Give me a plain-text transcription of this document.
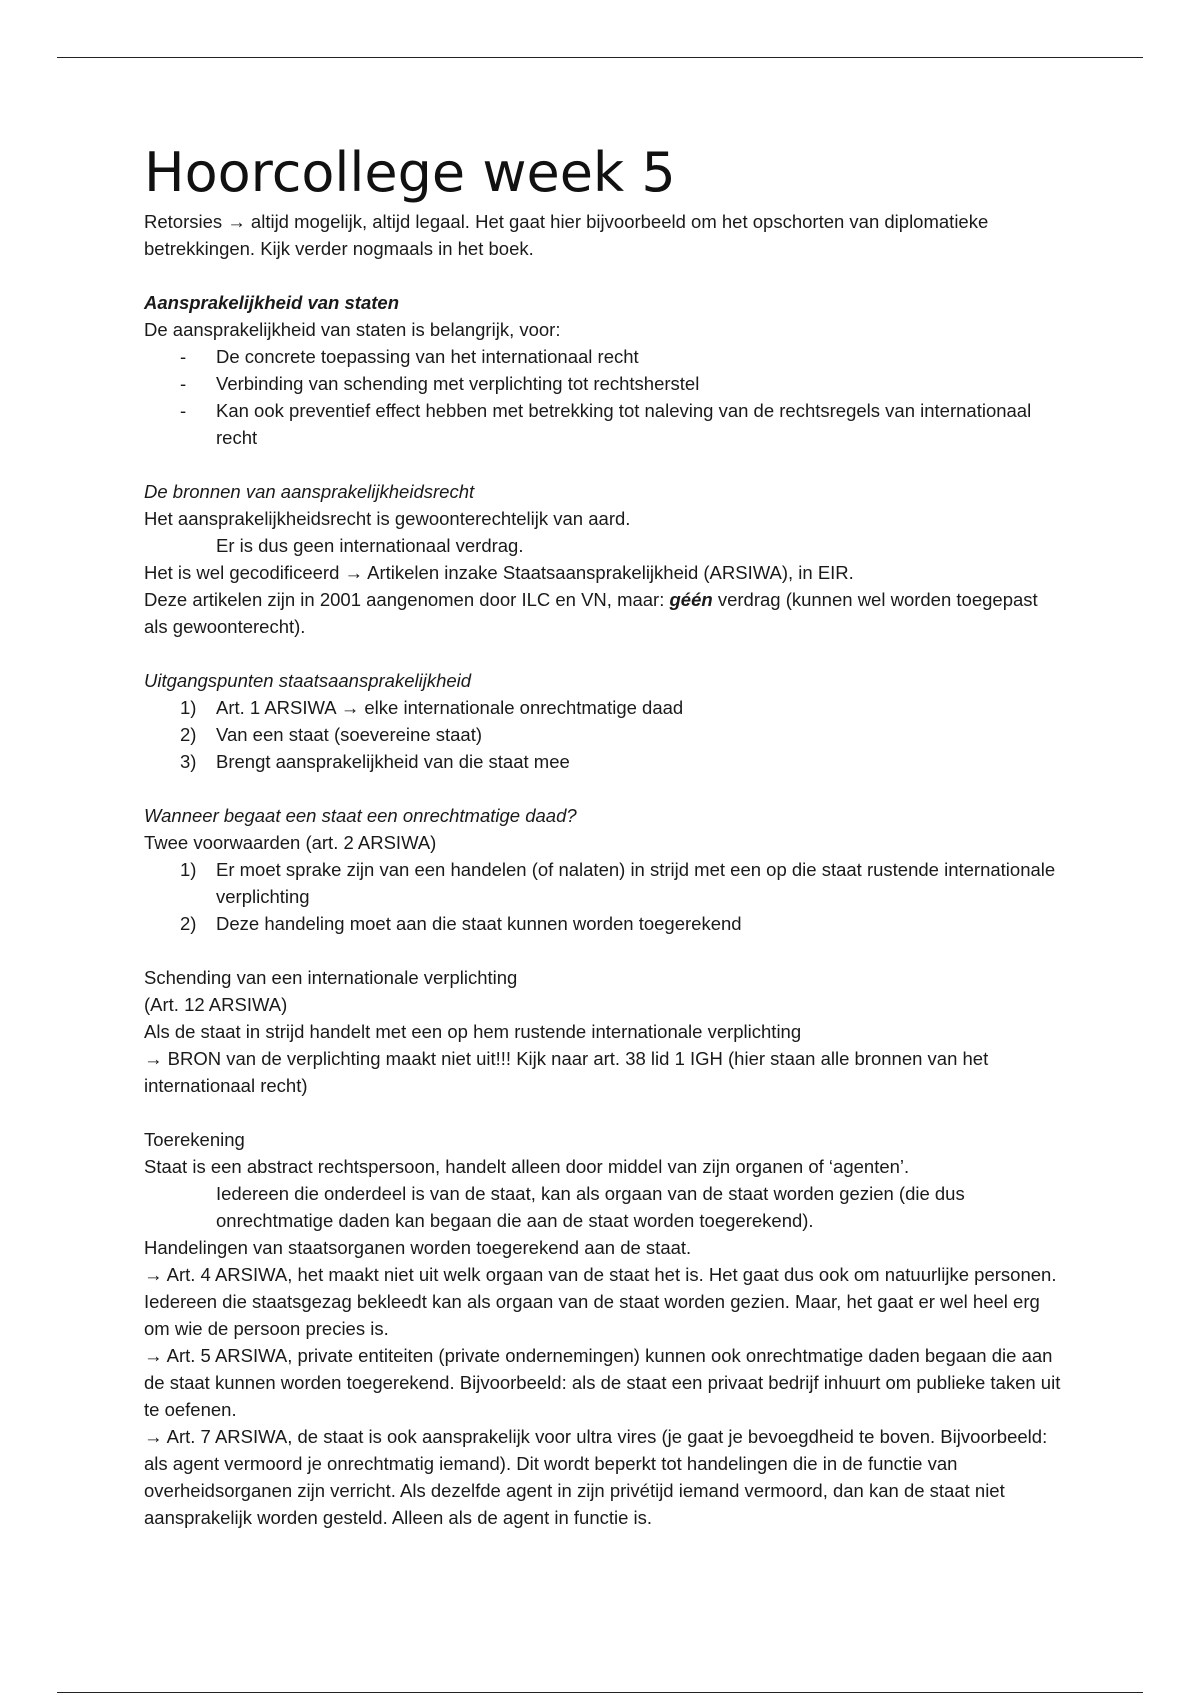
Hoorcollege week 5

Retorsies → altijd mogelijk, altijd legaal. Het gaat hier bijvoorbeeld om het opschorten van diplomatieke betrekkingen. Kijk verder nogmaals in het boek.

Aansprakelijkheid van staten

De aansprakelijkheid van staten is belangrijk, voor:

- De concrete toepassing van het internationaal recht
- Verbinding van schending met verplichting tot rechtsherstel
- Kan ook preventief effect hebben met betrekking tot naleving van de rechtsregels van internationaal recht

De bronnen van aansprakelijkheidsrecht

Het aansprakelijkheidsrecht is gewoonterechtelijk van aard.

Er is dus geen internationaal verdrag.

Het is wel gecodificeerd → Artikelen inzake Staatsaansprakelijkheid (ARSIWA), in EIR.

Deze artikelen zijn in 2001 aangenomen door ILC en VN, maar: géén verdrag (kunnen wel worden toegepast als gewoonterecht).

Uitgangspunten staatsaansprakelijkheid

1) Art. 1 ARSIWA → elke internationale onrechtmatige daad
2) Van een staat (soevereine staat)
3) Brengt aansprakelijkheid van die staat mee

Wanneer begaat een staat een onrechtmatige daad?

Twee voorwaarden (art. 2 ARSIWA)

1) Er moet sprake zijn van een handelen (of nalaten) in strijd met een op die staat rustende internationale verplichting
2) Deze handeling moet aan die staat kunnen worden toegerekend

Schending van een internationale verplichting

(Art. 12 ARSIWA)

Als de staat in strijd handelt met een op hem rustende internationale verplichting

→ BRON van de verplichting maakt niet uit!!! Kijk naar art. 38 lid 1 IGH (hier staan alle bronnen van het internationaal recht)

Toerekening

Staat is een abstract rechtspersoon, handelt alleen door middel van zijn organen of ‘agenten’.

Iedereen die onderdeel is van de staat, kan als orgaan van de staat worden gezien (die dus onrechtmatige daden kan begaan die aan de staat worden toegerekend).

Handelingen van staatsorganen worden toegerekend aan de staat.

→ Art. 4 ARSIWA, het maakt niet uit welk orgaan van de staat het is. Het gaat dus ook om natuurlijke personen. Iedereen die staatsgezag bekleedt kan als orgaan van de staat worden gezien. Maar, het gaat er wel heel erg om wie de persoon precies is.

→ Art. 5 ARSIWA, private entiteiten (private ondernemingen) kunnen ook onrechtmatige daden begaan die aan de staat kunnen worden toegerekend. Bijvoorbeeld: als de staat een privaat bedrijf inhuurt om publieke taken uit te oefenen.

→ Art. 7 ARSIWA, de staat is ook aansprakelijk voor ultra vires (je gaat je bevoegdheid te boven. Bijvoorbeeld: als agent vermoord je onrechtmatig iemand). Dit wordt beperkt tot handelingen die in de functie van overheidsorganen zijn verricht. Als dezelfde agent in zijn privétijd iemand vermoord, dan kan de staat niet aansprakelijk worden gesteld. Alleen als de agent in functie is.
